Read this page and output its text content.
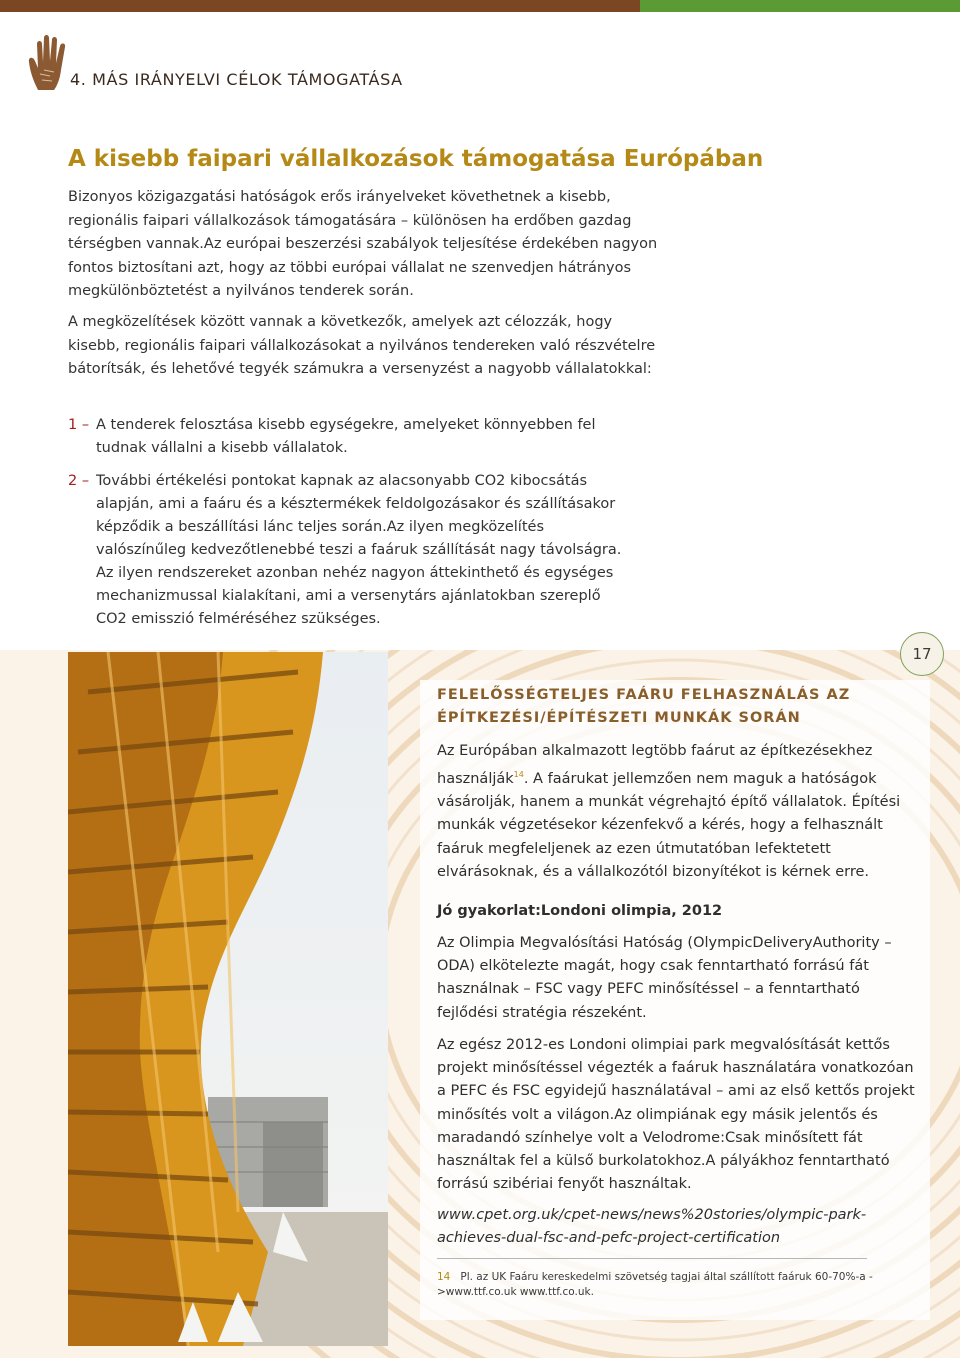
4. MÁS IRÁNYELVI CÉLOK TÁMOGATÁSA
A kisebb faipari vállalkozások támogatása Európában

Bizonyos közigazgatási hatóságok erős irányelveket követhetnek a kisebb, regionális faipari vállalkozások támogatására – különösen ha erdőben gazdag térségben vannak.Az európai beszerzési szabályok teljesítése érdekében nagyon fontos biztosítani azt, hogy az többi európai vállalat ne szenvedjen hátrányos megkülönböztetést a nyilvános tenderek során.

A megközelítések között vannak a következők, amelyek azt célozzák, hogy kisebb, regionális faipari vállalkozásokat a nyilvános tendereken való részvételre bátorítsák, és lehetővé tegyék számukra a versenyzést a nagyobb vállalatokkal:

1 – A tenderek felosztása kisebb egységekre, amelyeket könnyebben fel tudnak vállalni a kisebb vállalatok.
2 – További értékelési pontokat kapnak az alacsonyabb CO2 kibocsátás alapján, ami a faáru és a késztermékek feldolgozásakor és szállításakor képződik a beszállítási lánc teljes során.Az ilyen megközelítés valószínűleg kedvezőtlenebbé teszi a faáruk szállítását nagy távolságra. Az ilyen rendszereket azonban nehéz nagyon áttekinthető és egységes mechanizmussal kialakítani, ami a versenytárs ajánlatokban szereplő CO2 emisszió felméréséhez szükséges.
17
FELELŐSSÉGTELJES FAÁRU FELHASZNÁLÁS AZ ÉPÍTKEZÉSI/ÉPÍTÉSZETI MUNKÁK SORÁN

Az Európában alkalmazott legtöbb faárut az építkezésekhez használják$^{14}$. A faárukat jellemzően nem maguk a hatóságok vásárolják, hanem a munkát végrehajtó építő vállalatok. Építési munkák végzetésekor kézenfekvő a kérés, hogy a felhasznált faáruk megfeleljenek az ezen útmutatóban lefektetett elvárásoknak, és a vállalkozótól bizonyítékot is kérnek erre.

Jó gyakorlat:Londoni olimpia, 2012

Az Olimpia Megvalósítási Hatóság (OlympicDeliveryAuthority – ODA) elkötelezte magát, hogy csak fenntartható forrású fát használnak – FSC vagy PEFC minősítéssel – a fenntartható fejlődési stratégia részeként.

Az egész 2012-es Londoni olimpiai park megvalósítását kettős projekt minősítéssel végezték a faáruk használatára vonatkozóan a PEFC és FSC egyidejű használatával – ami az első kettős projekt minősítés volt a világon.Az olimpiának egy másik jelentős és maradandó színhelye volt a Velodrome:Csak minősített fát használtak fel a külső burkolatokhoz.A pályákhoz fenntartható forrású szibériai fenyőt használtak.

www.cpet.org.uk/cpet-news/news%20stories/olympic-park-achieves-dual-fsc-and-pefc-project-certification

14 Pl. az UK Faáru kereskedelmi szövetség tagjai által szállított faáruk 60-70%-a ->www.ttf.co.uk www.ttf.co.uk.
